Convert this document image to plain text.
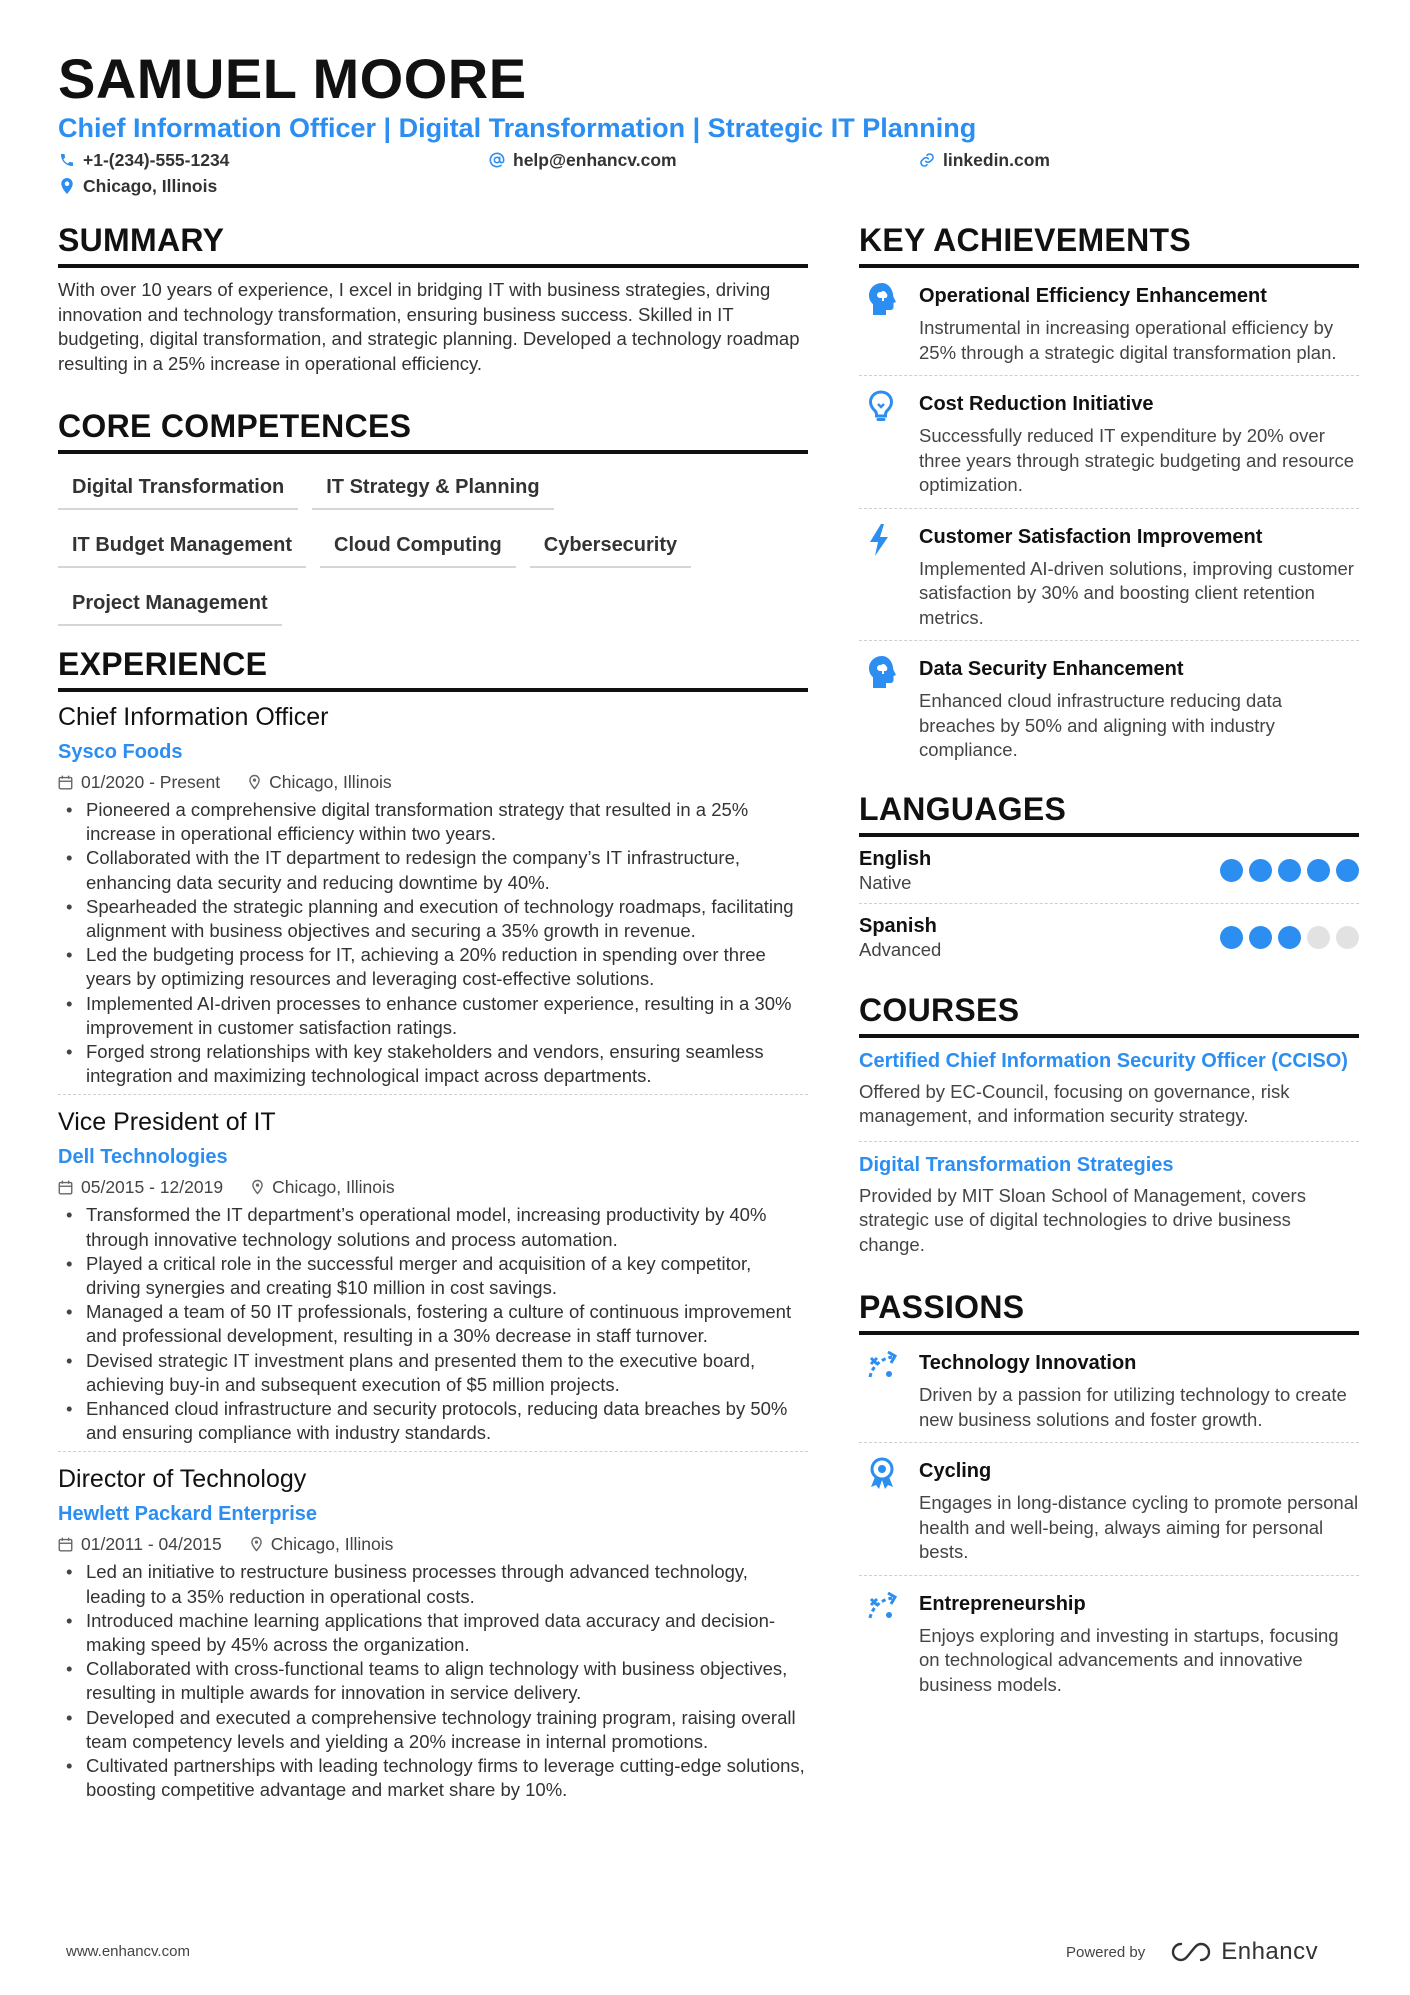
SAMUEL MOORE
Chief Information Officer | Digital Transformation | Strategic IT Planning
+1-(234)-555-1234	help@enhancv.com	linkedin.com
Chicago, Illinois
SUMMARY
With over 10 years of experience, I excel in bridging IT with business strategies, driving innovation and technology transformation, ensuring business success. Skilled in IT budgeting, digital transformation, and strategic planning. Developed a technology roadmap resulting in a 25% increase in operational efficiency.
CORE COMPETENCES
Digital Transformation	IT Strategy & Planning
IT Budget Management	Cloud Computing	Cybersecurity
Project Management
EXPERIENCE
Chief Information Officer
Sysco Foods
01/2020 - Present	Chicago, Illinois
• Pioneered a comprehensive digital transformation strategy that resulted in a 25% increase in operational efficiency within two years.
• Collaborated with the IT department to redesign the company’s IT infrastructure, enhancing data security and reducing downtime by 40%.
• Spearheaded the strategic planning and execution of technology roadmaps, facilitating alignment with business objectives and securing a 35% growth in revenue.
• Led the budgeting process for IT, achieving a 20% reduction in spending over three years by optimizing resources and leveraging cost-effective solutions.
• Implemented AI-driven processes to enhance customer experience, resulting in a 30% improvement in customer satisfaction ratings.
• Forged strong relationships with key stakeholders and vendors, ensuring seamless integration and maximizing technological impact across departments.
Vice President of IT
Dell Technologies
05/2015 - 12/2019	Chicago, Illinois
• Transformed the IT department’s operational model, increasing productivity by 40% through innovative technology solutions and process automation.
• Played a critical role in the successful merger and acquisition of a key competitor, driving synergies and creating $10 million in cost savings.
• Managed a team of 50 IT professionals, fostering a culture of continuous improvement and professional development, resulting in a 30% decrease in staff turnover.
• Devised strategic IT investment plans and presented them to the executive board, achieving buy-in and subsequent execution of $5 million projects.
• Enhanced cloud infrastructure and security protocols, reducing data breaches by 50% and ensuring compliance with industry standards.
Director of Technology
Hewlett Packard Enterprise
01/2011 - 04/2015	Chicago, Illinois
• Led an initiative to restructure business processes through advanced technology, leading to a 35% reduction in operational costs.
• Introduced machine learning applications that improved data accuracy and decision-making speed by 45% across the organization.
• Collaborated with cross-functional teams to align technology with business objectives, resulting in multiple awards for innovation in service delivery.
• Developed and executed a comprehensive technology training program, raising overall team competency levels and yielding a 20% increase in internal promotions.
• Cultivated partnerships with leading technology firms to leverage cutting-edge solutions, boosting competitive advantage and market share by 10%.
KEY ACHIEVEMENTS
Operational Efficiency Enhancement
Instrumental in increasing operational efficiency by 25% through a strategic digital transformation plan.
Cost Reduction Initiative
Successfully reduced IT expenditure by 20% over three years through strategic budgeting and resource optimization.
Customer Satisfaction Improvement
Implemented AI-driven solutions, improving customer satisfaction by 30% and boosting client retention metrics.
Data Security Enhancement
Enhanced cloud infrastructure reducing data breaches by 50% and aligning with industry compliance.
LANGUAGES
English
Native
Spanish
Advanced
COURSES
Certified Chief Information Security Officer (CCISO)
Offered by EC-Council, focusing on governance, risk management, and information security strategy.
Digital Transformation Strategies
Provided by MIT Sloan School of Management, covers strategic use of digital technologies to drive business change.
PASSIONS
Technology Innovation
Driven by a passion for utilizing technology to create new business solutions and foster growth.
Cycling
Engages in long-distance cycling to promote personal health and well-being, always aiming for personal bests.
Entrepreneurship
Enjoys exploring and investing in startups, focusing on technological advancements and innovative business models.
www.enhancv.com	Powered by	Enhancv
